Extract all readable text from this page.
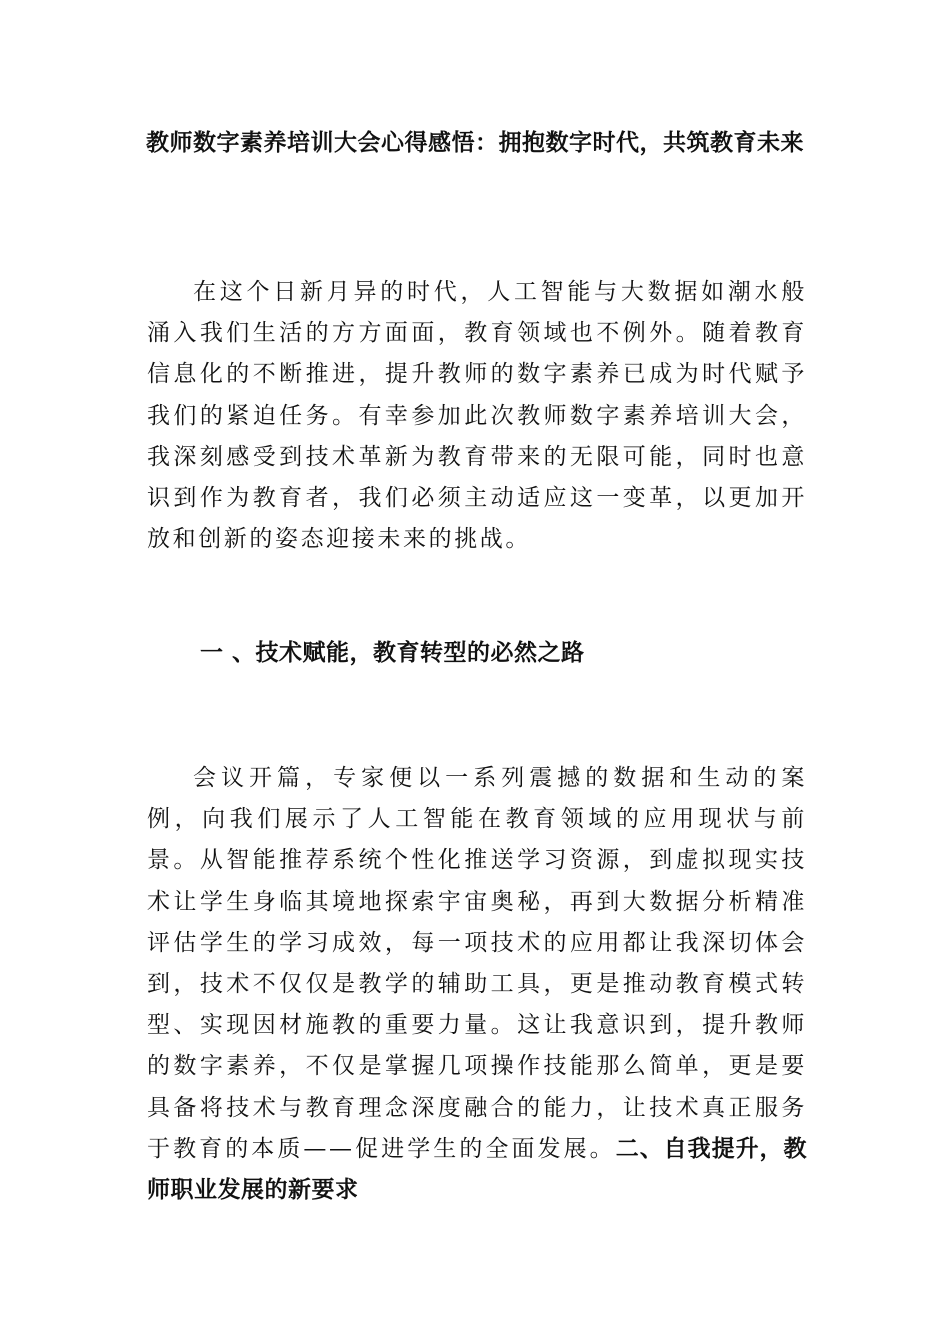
教师数字素养培训大会心得感悟：拥抱数字时代，共筑教育未来

在这个日新月异的时代，人工智能与大数据如潮水般涌入我们生活的方方面面，教育领域也不例外。随着教育信息化的不断推进，提升教师的数字素养已成为时代赋予我们的紧迫任务。有幸参加此次教师数字素养培训大会，我深刻感受到技术革新为教育带来的无限可能，同时也意识到作为教育者，我们必须主动适应这一变革，以更加开放和创新的姿态迎接未来的挑战。

一 、技术赋能，教育转型的必然之路

会议开篇，专家便以一系列震撼的数据和生动的案例，向我们展示了人工智能在教育领域的应用现状与前景。从智能推荐系统个性化推送学习资源，到虚拟现实技术让学生身临其境地探索宇宙奥秘，再到大数据分析精准评估学生的学习成效，每一项技术的应用都让我深切体会到，技术不仅仅是教学的辅助工具，更是推动教育模式转型、实现因材施教的重要力量。这让我意识到，提升教师的数字素养，不仅是掌握几项操作技能那么简单，更是要具备将技术与教育理念深度融合的能力，让技术真正服务于教育的本质——促进学生的全面发展。二、自我提升，教师职业发展的新要求
